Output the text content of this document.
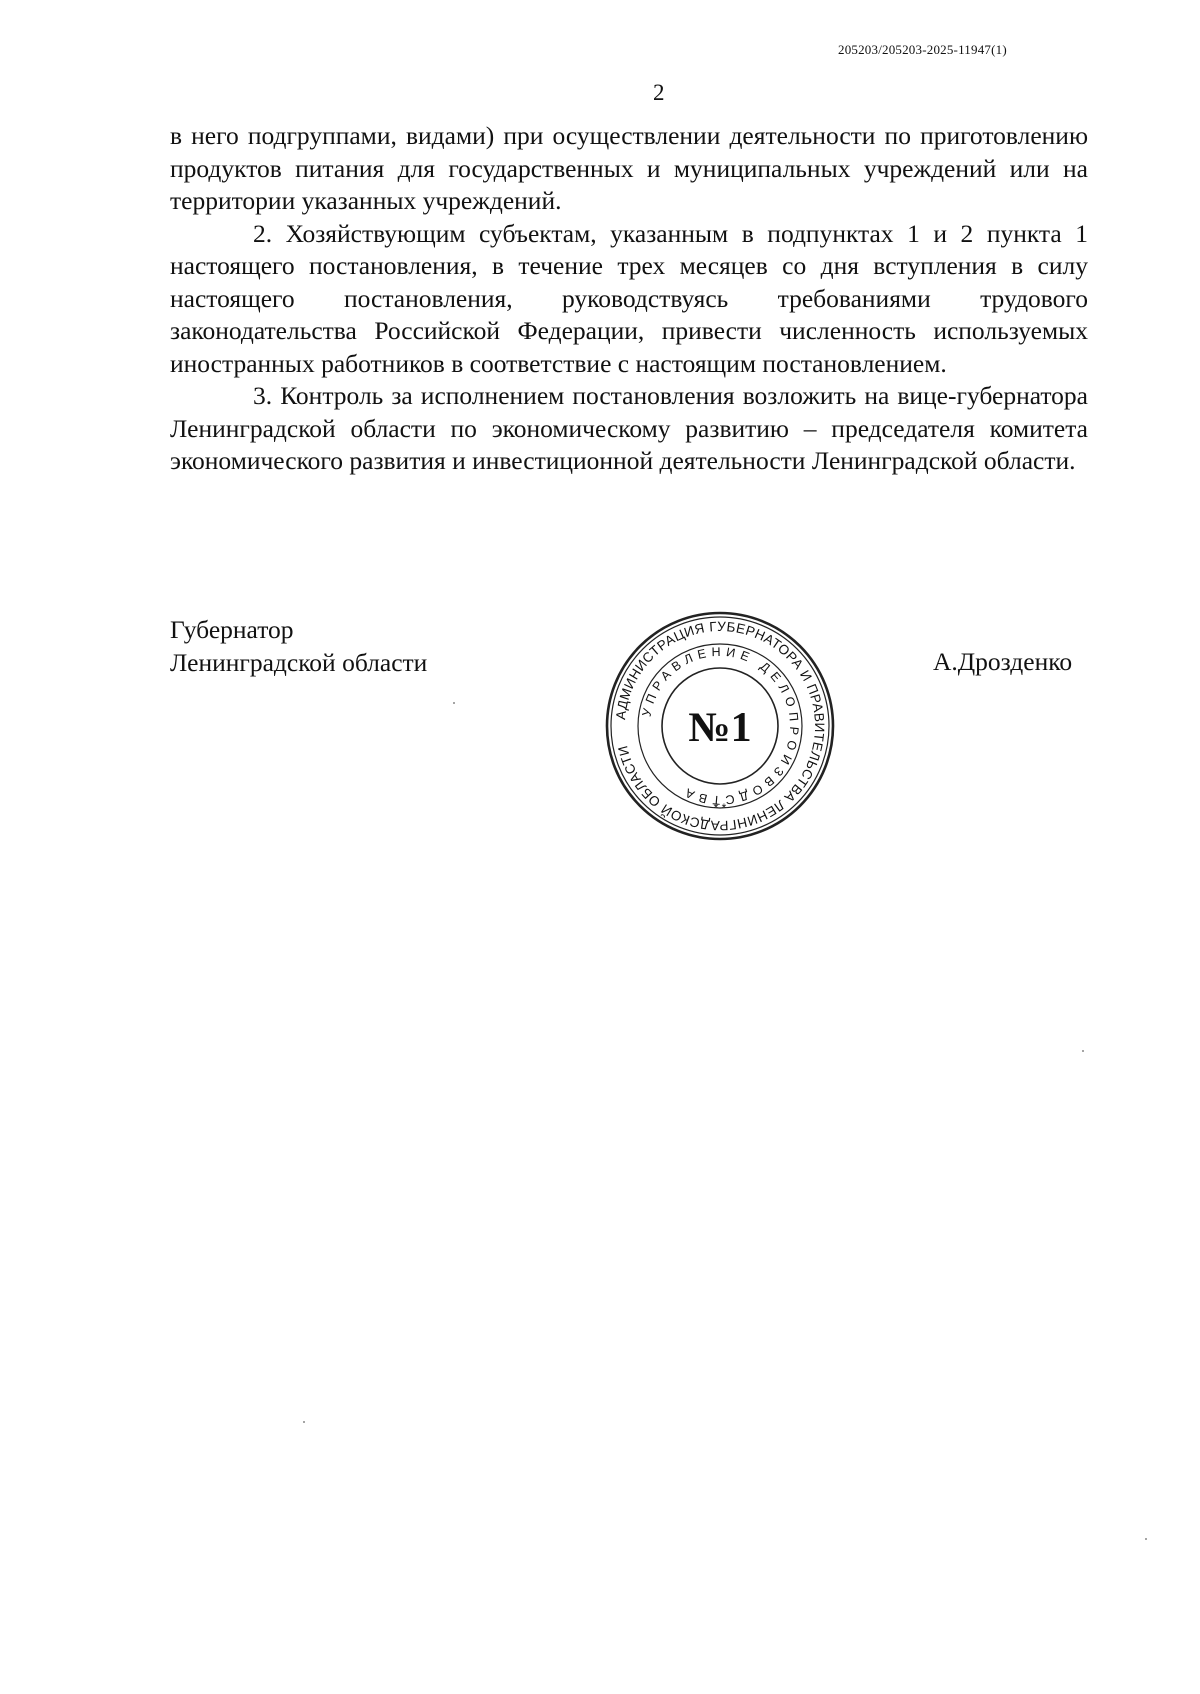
205203/205203-2025-11947(1)
2

в него подгруппами, видами) при осуществлении деятельности по приготовлению продуктов питания для государственных и муниципальных учреждений или на территории указанных учреждений.

2. Хозяйствующим субъектам, указанным в подпунктах 1 и 2 пункта 1 настоящего постановления, в течение трех месяцев со дня вступления в силу настоящего постановления, руководствуясь требованиями трудового законодательства Российской Федерации, привести численность используемых иностранных работников в соответствие с настоящим постановлением.

3. Контроль за исполнением постановления возложить на вице-губернатора Ленинградской области по экономическому развитию – председателя комитета экономического развития и инвестиционной деятельности Ленинградской области.

Губернатор
Ленинградской области	А.Дрозденко
АДМИНИСТРАЦИЯ ГУБЕРНАТОРА И ПРАВИТЕЛЬСТВА ЛЕНИНГРАДСКОЙ ОБЛАСТИ
УПРАВЛЕНИЕ ДЕЛОПРОИЗВОДСТВА
№1
* *
